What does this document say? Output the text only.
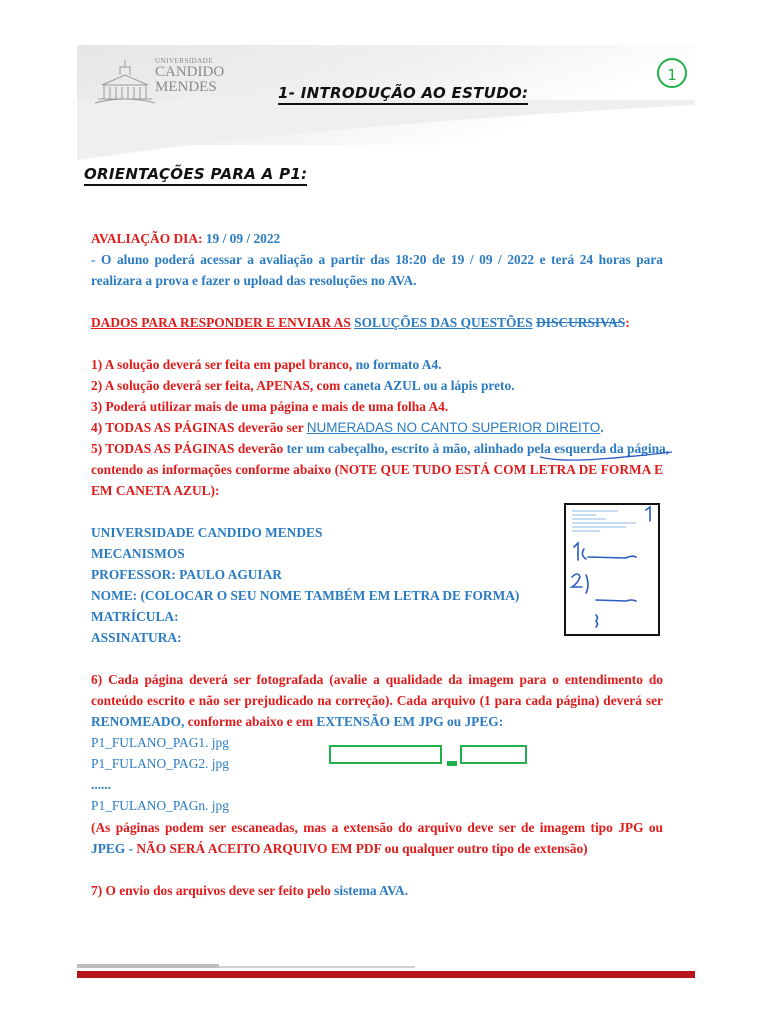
UNIVERSIDADE
CANDIDO
MENDES
1
1- INTRODUÇÃO AO ESTUDO:
ORIENTAÇÕES PARA A P1:
AVALIAÇÃO DIA: 19 / 09 / 2022
- O aluno poderá acessar a avaliação a partir das 18:20 de 19 / 09 / 2022 e terá 24 horas para
realizara a prova e fazer o upload das resoluções no AVA.
DADOS PARA RESPONDER E ENVIAR AS SOLUÇÕES DAS QUESTÕES DISCURSIVAS:
1) A solução deverá ser feita em papel branco, no formato A4.
2) A solução deverá ser feita, APENAS, com caneta AZUL ou a lápis preto.
3) Poderá utilizar mais de uma página e mais de uma folha A4.
4) TODAS AS PÁGINAS deverão ser NUMERADAS NO CANTO SUPERIOR DIREITO.
5) TODAS AS PÁGINAS deverão ter um cabeçalho, escrito à mão, alinhado pela esquerda da página,
contendo as informações conforme abaixo (NOTE QUE TUDO ESTÁ COM LETRA DE FORMA E
EM CANETA AZUL):
UNIVERSIDADE CANDIDO MENDES
MECANISMOS
PROFESSOR: PAULO AGUIAR
NOME: (COLOCAR O SEU NOME TAMBÉM EM LETRA DE FORMA)
MATRÍCULA:
ASSINATURA:
6) Cada página deverá ser fotografada (avalie a qualidade da imagem para o entendimento do
conteúdo escrito e não ser prejudicado na correção). Cada arquivo (1 para cada página) deverá ser
RENOMEADO, conforme abaixo e em EXTENSÃO EM JPG ou JPEG:
P1_FULANO_PAG1. jpg
P1_FULANO_PAG2. jpg
......
P1_FULANO_PAGn. jpg
(As páginas podem ser escaneadas, mas a extensão do arquivo deve ser de imagem tipo JPG ou
JPEG - NÃO SERÁ ACEITO ARQUIVO EM PDF ou qualquer outro tipo de extensão)
7) O envio dos arquivos deve ser feito pelo sistema AVA.
